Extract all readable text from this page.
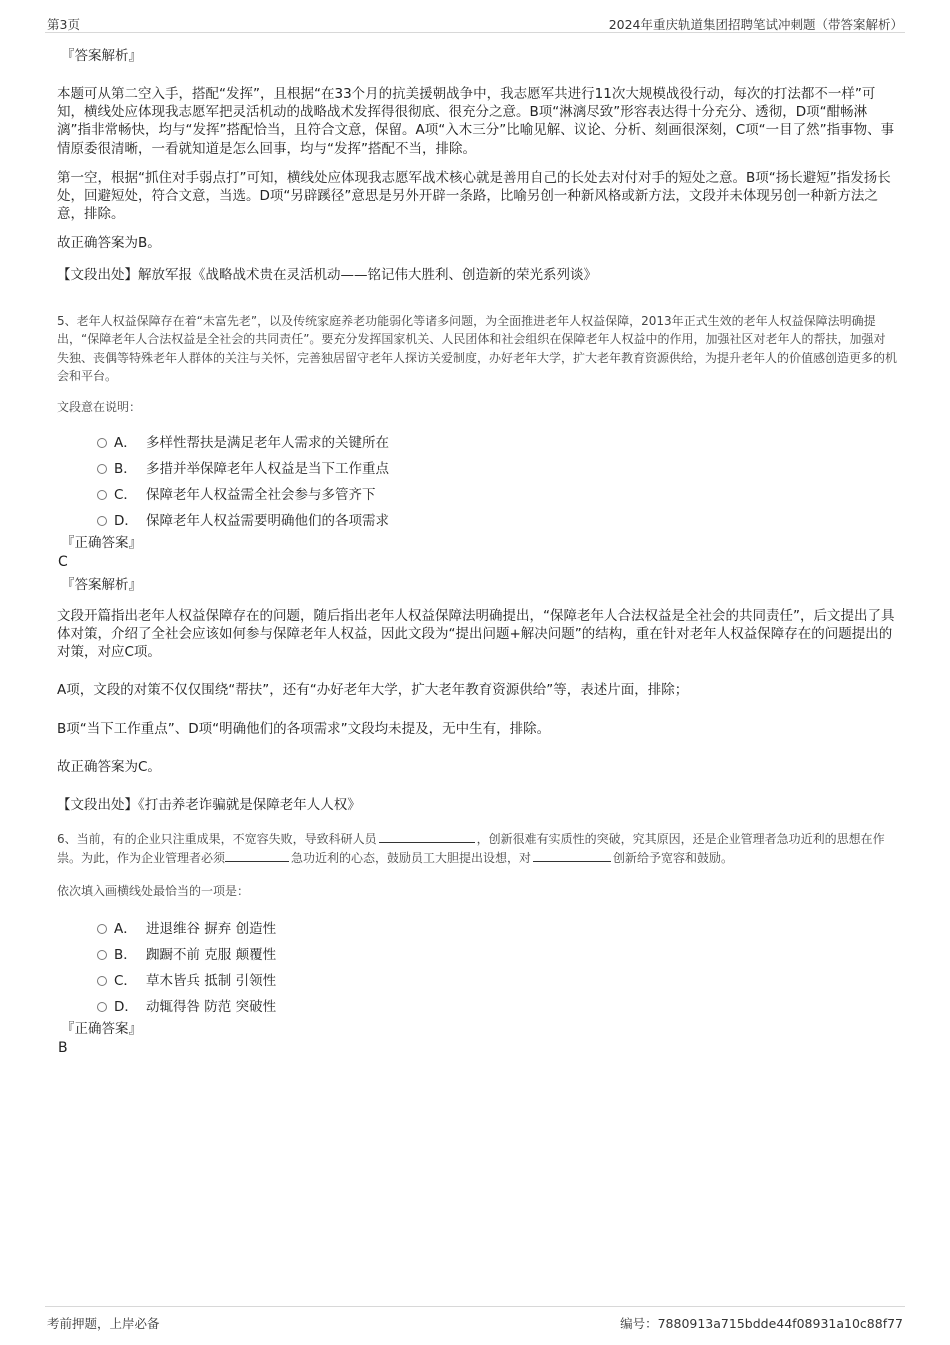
第3页	2024年重庆轨道集团招聘笔试冲刺题（带答案解析）
『答案解析』

本题可从第二空入手，搭配“发挥”，且根据“在33个月的抗美援朝战争中，我志愿军共进行11次大规模战役行动，每次的打法都不一样”可知，横线处应体现我志愿军把灵活机动的战略战术发挥得很彻底、很充分之意。B项“淋漓尽致”形容表达得十分充分、透彻，D项“酣畅淋漓”指非常畅快，均与“发挥”搭配恰当，且符合文意，保留。A项“入木三分”比喻见解、议论、分析、刻画很深刻，C项“一目了然”指事物、事情原委很清晰，一看就知道是怎么回事，均与“发挥”搭配不当，排除。

第一空，根据“抓住对手弱点打”可知，横线处应体现我志愿军战术核心就是善用自己的长处去对付对手的短处之意。B项“扬长避短”指发扬长处，回避短处，符合文意，当选。D项“另辟蹊径”意思是另外开辟一条路，比喻另创一种新风格或新方法，文段并未体现另创一种新方法之意，排除。

故正确答案为B。

【文段出处】解放军报《战略战术贵在灵活机动——铭记伟大胜利、创造新的荣光系列谈》

5、老年人权益保障存在着“未富先老”，以及传统家庭养老功能弱化等诸多问题，为全面推进老年人权益保障，2013年正式生效的老年人权益保障法明确提出，“保障老年人合法权益是全社会的共同责任”。要充分发挥国家机关、人民团体和社会组织在保障老年人权益中的作用，加强社区对老年人的帮扶，加强对失独、丧偶等特殊老年人群体的关注与关怀，完善独居留守老年人探访关爱制度，办好老年大学，扩大老年教育资源供给，为提升老年人的价值感创造更多的机会和平台。

文段意在说明：

A． 多样性帮扶是满足老年人需求的关键所在
B． 多措并举保障老年人权益是当下工作重点
C． 保障老年人权益需全社会参与多管齐下
D． 保障老年人权益需要明确他们的各项需求
『正确答案』
C
『答案解析』

文段开篇指出老年人权益保障存在的问题，随后指出老年人权益保障法明确提出，“保障老年人合法权益是全社会的共同责任”，后文提出了具体对策，介绍了全社会应该如何参与保障老年人权益，因此文段为“提出问题+解决问题”的结构，重在针对老年人权益保障存在的问题提出的对策，对应C项。

A项，文段的对策不仅仅围绕“帮扶”，还有“办好老年大学，扩大老年教育资源供给”等，表述片面，排除；

B项“当下工作重点”、D项“明确他们的各项需求”文段均未提及，无中生有，排除。

故正确答案为C。

【文段出处】《打击养老诈骗就是保障老年人人权》

6、当前，有的企业只注重成果，不宽容失败，导致科研人员	，创新很难有实质性的突破，究其原因，还是企业管理者急功近利的思想在作祟。为此，作为企业管理者必须	急功近利的心态，鼓励员工大胆提出设想，对	创新给予宽容和鼓励。

依次填入画横线处最恰当的一项是：

A． 进退维谷 摒弃 创造性
B． 踟蹰不前 克服 颠覆性
C． 草木皆兵 抵制 引领性
D． 动辄得咎 防范 突破性
『正确答案』
B
考前押题，上岸必备	编号：7880913a715bdde44f08931a10c88f77
